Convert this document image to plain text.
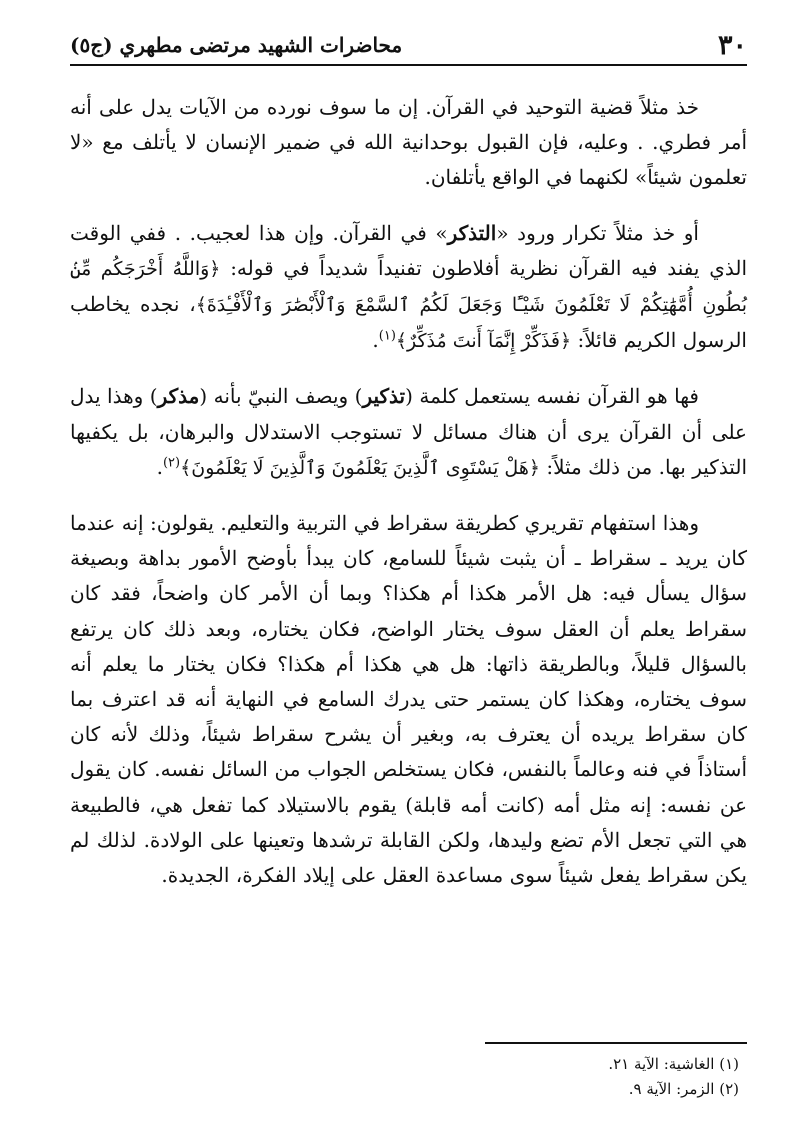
٣٠
محاضرات الشهيد مرتضى مطهري (ج٥)

خذ مثلاً قضية التوحيد في القرآن. إن ما سوف نورده من الآيات يدل على أنه أمر فطري. . وعليه، فإن القبول بوحدانية الله في ضمير الإنسان لا يأتلف مع «لا تعلمون شيئاً» لكنهما في الواقع يأتلفان.

أو خذ مثلاً تكرار ورود «التذكر» في القرآن. وإن هذا لعجيب. . ففي الوقت الذي يفند فيه القرآن نظرية أفلاطون تفنيداً شديداً في قوله: ﴿وَاللَّهُ أَخْرَجَكُم مِّنۢ بُطُونِ أُمَّهَٰتِكُمْ لَا تَعْلَمُونَ شَيْـًٔا وَجَعَلَ لَكُمُ ٱلسَّمْعَ وَٱلْأَبْصَٰرَ وَٱلْأَفْـِٔدَةَ﴾، نجده يخاطب الرسول الكريم قائلاً: ﴿فَذَكِّرْ إِنَّمَآ أَنتَ مُذَكِّرٌ﴾$^{(١)}$.

فها هو القرآن نفسه يستعمل كلمة (تذكير) ويصف النبيّ بأنه (مذكر) وهذا يدل على أن القرآن يرى أن هناك مسائل لا تستوجب الاستدلال والبرهان، بل يكفيها التذكير بها. من ذلك مثلاً: ﴿هَلْ يَسْتَوِى ٱلَّذِينَ يَعْلَمُونَ وَٱلَّذِينَ لَا يَعْلَمُونَ﴾$^{(٢)}$.

وهذا استفهام تقريري كطريقة سقراط في التربية والتعليم. يقولون: إنه عندما كان يريد ـ سقراط ـ أن يثبت شيئاً للسامع، كان يبدأ بأوضح الأمور بداهة وبصيغة سؤال يسأل فيه: هل الأمر هكذا أم هكذا؟ وبما أن الأمر كان واضحاً، فقد كان سقراط يعلم أن العقل سوف يختار الواضح، فكان يختاره، وبعد ذلك كان يرتفع بالسؤال قليلاً، وبالطريقة ذاتها: هل هي هكذا أم هكذا؟ فكان يختار ما يعلم أنه سوف يختاره، وهكذا كان يستمر حتى يدرك السامع في النهاية أنه قد اعترف بما كان سقراط يريده أن يعترف به، وبغير أن يشرح سقراط شيئاً، وذلك لأنه كان أستاذاً في فنه وعالماً بالنفس، فكان يستخلص الجواب من السائل نفسه. كان يقول عن نفسه: إنه مثل أمه (كانت أمه قابلة) يقوم بالاستيلاد كما تفعل هي، فالطبيعة هي التي تجعل الأم تضع وليدها، ولكن القابلة ترشدها وتعينها على الولادة. لذلك لم يكن سقراط يفعل شيئاً سوى مساعدة العقل على إيلاد الفكرة، الجديدة.

(١) الغاشية: الآية ٢١.

(٢) الزمر: الآية ٩.
